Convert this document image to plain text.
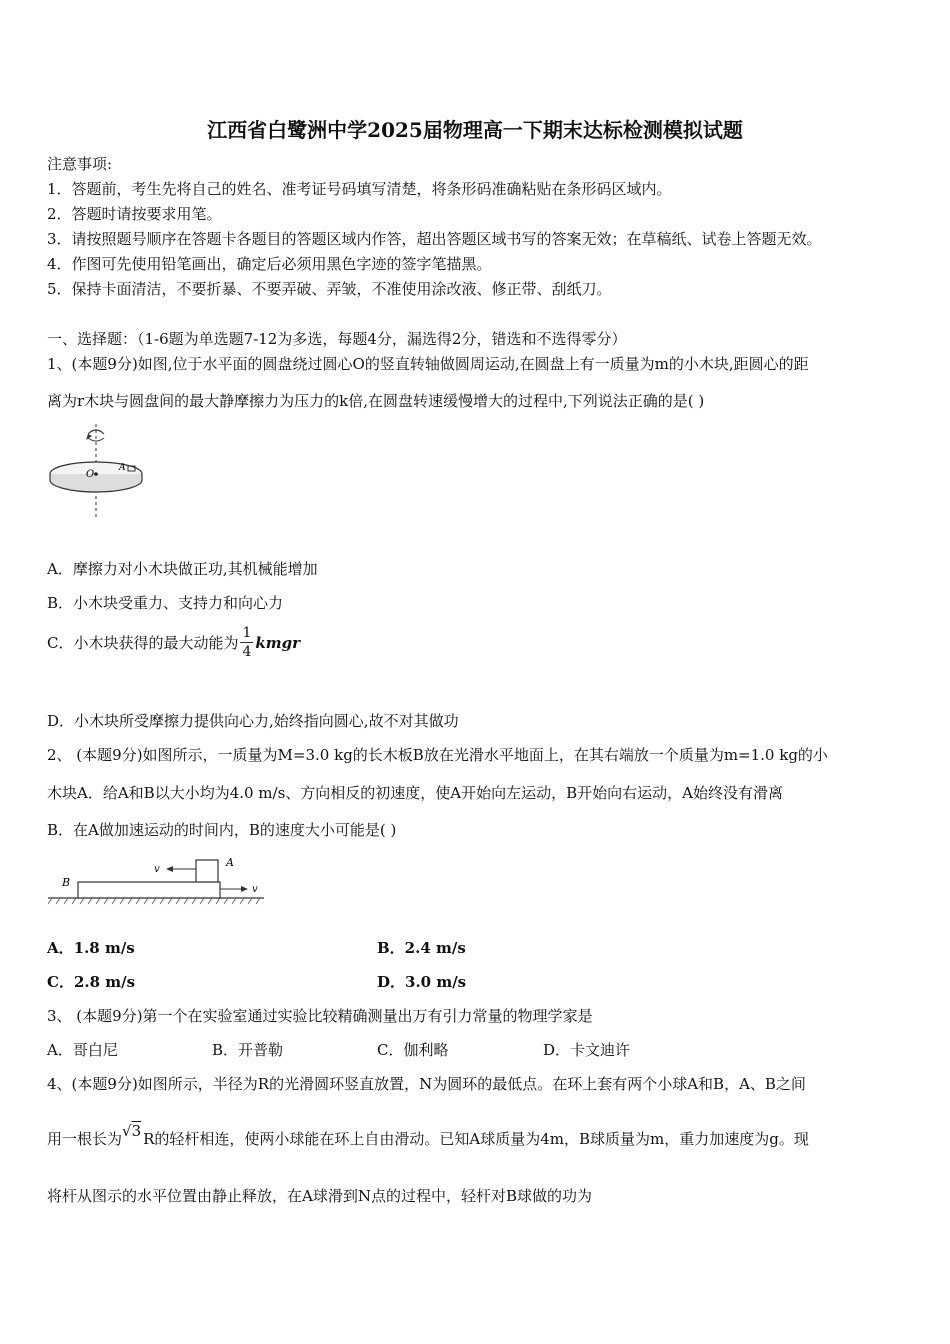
江西省白鹭洲中学2025届物理高一下期末达标检测模拟试题
注意事项:
1．答题前，考生先将自己的姓名、准考证号码填写清楚，将条形码准确粘贴在条形码区域内。
2．答题时请按要求用笔。
3．请按照题号顺序在答题卡各题目的答题区域内作答，超出答题区域书写的答案无效；在草稿纸、试卷上答题无效。
4．作图可先使用铅笔画出，确定后必须用黑色字迹的签字笔描黑。
5．保持卡面清洁，不要折暴、不要弄破、弄皱，不准使用涂改液、修正带、刮纸刀。
一、选择题：（1-6题为单选题7-12为多选，每题4分，漏选得2分，错选和不选得零分）
1、(本题9分)如图,位于水平面的圆盘绕过圆心O的竖直转轴做圆周运动,在圆盘上有一质量为m的小木块,距圆心的距
离为r木块与圆盘间的最大静摩擦力为压力的k倍,在圆盘转速缓慢增大的过程中,下列说法正确的是( )
O
A
A．摩擦力对小木块做正功,其机械能增加
B．小木块受重力、支持力和向心力
C．小木块获得的最大动能为 $\frac{1}{4}$ kmgr
D．小木块所受摩擦力提供向心力,始终指向圆心,故不对其做功
2、 (本题9分)如图所示，一质量为M=3.0 kg的长木板B放在光滑水平地面上，在其右端放一个质量为m=1.0 kg的小
木块A．给A和B以大小均为4.0 m/s、方向相反的初速度，使A开始向左运动，B开始向右运动，A始终没有滑离
B．在A做加速运动的时间内，B的速度大小可能是( )
v
A
B
v
A．1.8 m/s	B．2.4 m/s
C．2.8 m/s	D．3.0 m/s
3、 (本题9分)第一个在实验室通过实验比较精确测量出万有引力常量的物理学家是
A．哥白尼	B．开普勒	C．伽利略	D．卡文迪许
4、(本题9分)如图所示，半径为R的光滑圆环竖直放置，N为圆环的最低点。在环上套有两个小球A和B，A、B之间
用一根长为√3 R的轻杆相连，使两小球能在环上自由滑动。已知A球质量为4m，B球质量为m，重力加速度为g。现
将杆从图示的水平位置由静止释放，在A球滑到N点的过程中，轻杆对B球做的功为
